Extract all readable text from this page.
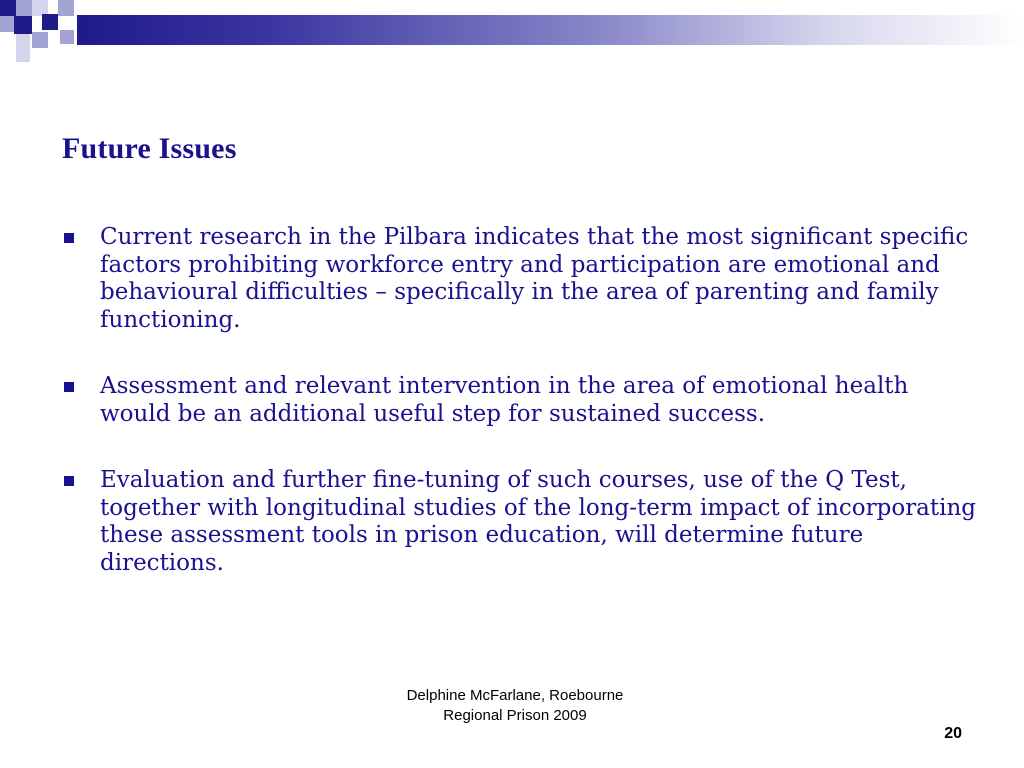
Future Issues
Current research in the Pilbara indicates that the most significant specific factors prohibiting workforce entry and participation are emotional and behavioural difficulties – specifically in the area of parenting and family functioning.
Assessment and relevant intervention in the area of emotional health would be an additional useful step for sustained success.
Evaluation and further fine-tuning of such courses, use of the Q Test, together with longitudinal studies of the long-term impact of incorporating these assessment tools in prison education, will determine future directions.
Delphine McFarlane, Roebourne
Regional Prison 2009
20
